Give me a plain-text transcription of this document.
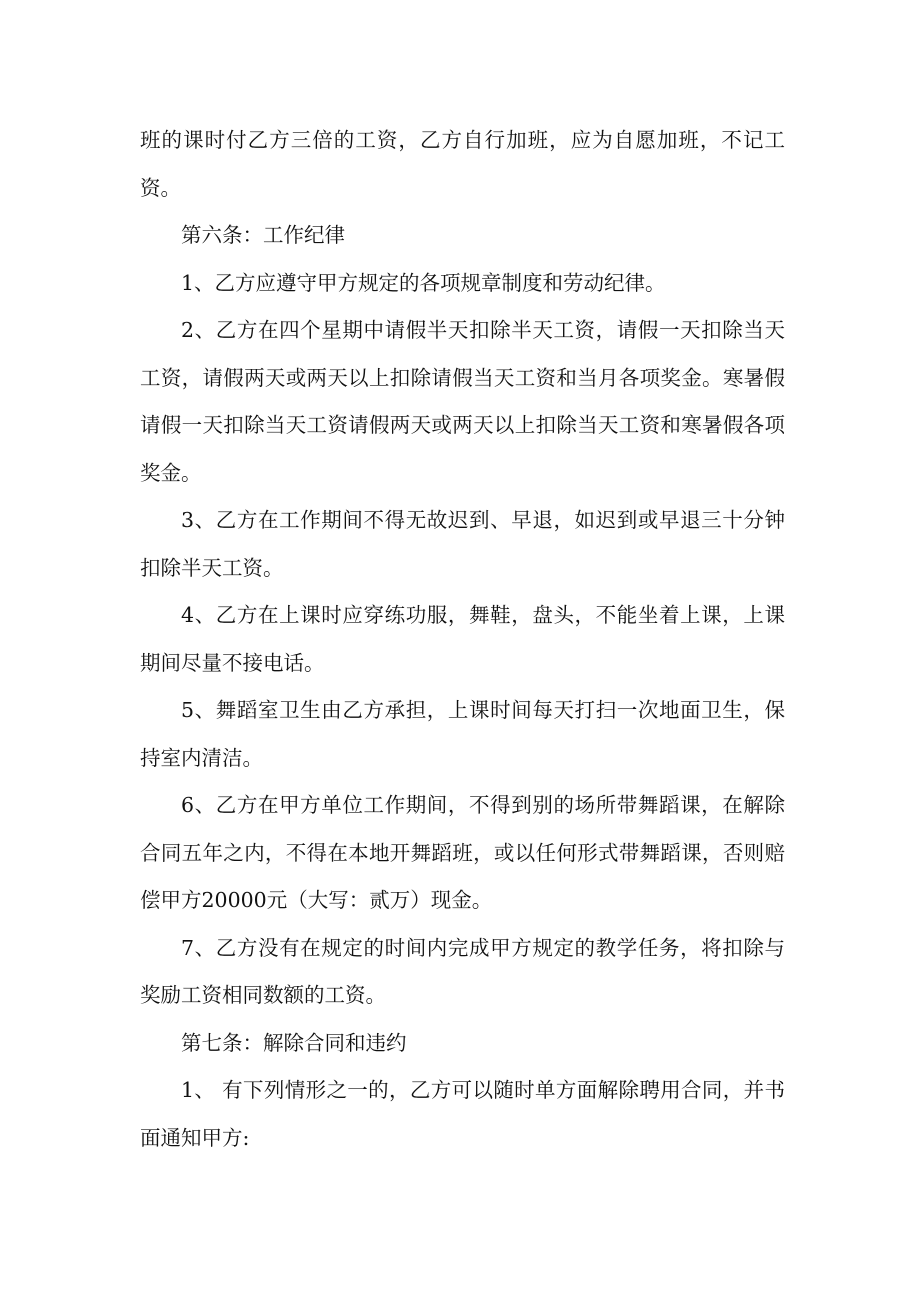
班的课时付乙方三倍的工资，乙方自行加班，应为自愿加班，不记工资。

第六条：工作纪律

1、乙方应遵守甲方规定的各项规章制度和劳动纪律。

2、乙方在四个星期中请假半天扣除半天工资，请假一天扣除当天工资，请假两天或两天以上扣除请假当天工资和当月各项奖金。寒暑假请假一天扣除当天工资请假两天或两天以上扣除当天工资和寒暑假各项奖金。

3、乙方在工作期间不得无故迟到、早退，如迟到或早退三十分钟扣除半天工资。

4、乙方在上课时应穿练功服，舞鞋，盘头，不能坐着上课，上课期间尽量不接电话。

5、舞蹈室卫生由乙方承担，上课时间每天打扫一次地面卫生，保持室内清洁。

6、乙方在甲方单位工作期间，不得到别的场所带舞蹈课，在解除合同五年之内，不得在本地开舞蹈班，或以任何形式带舞蹈课，否则赔偿甲方20000元（大写：贰万）现金。

7、乙方没有在规定的时间内完成甲方规定的教学任务，将扣除与奖励工资相同数额的工资。

第七条：解除合同和违约

1、 有下列情形之一的，乙方可以随时单方面解除聘用合同，并书面通知甲方:
